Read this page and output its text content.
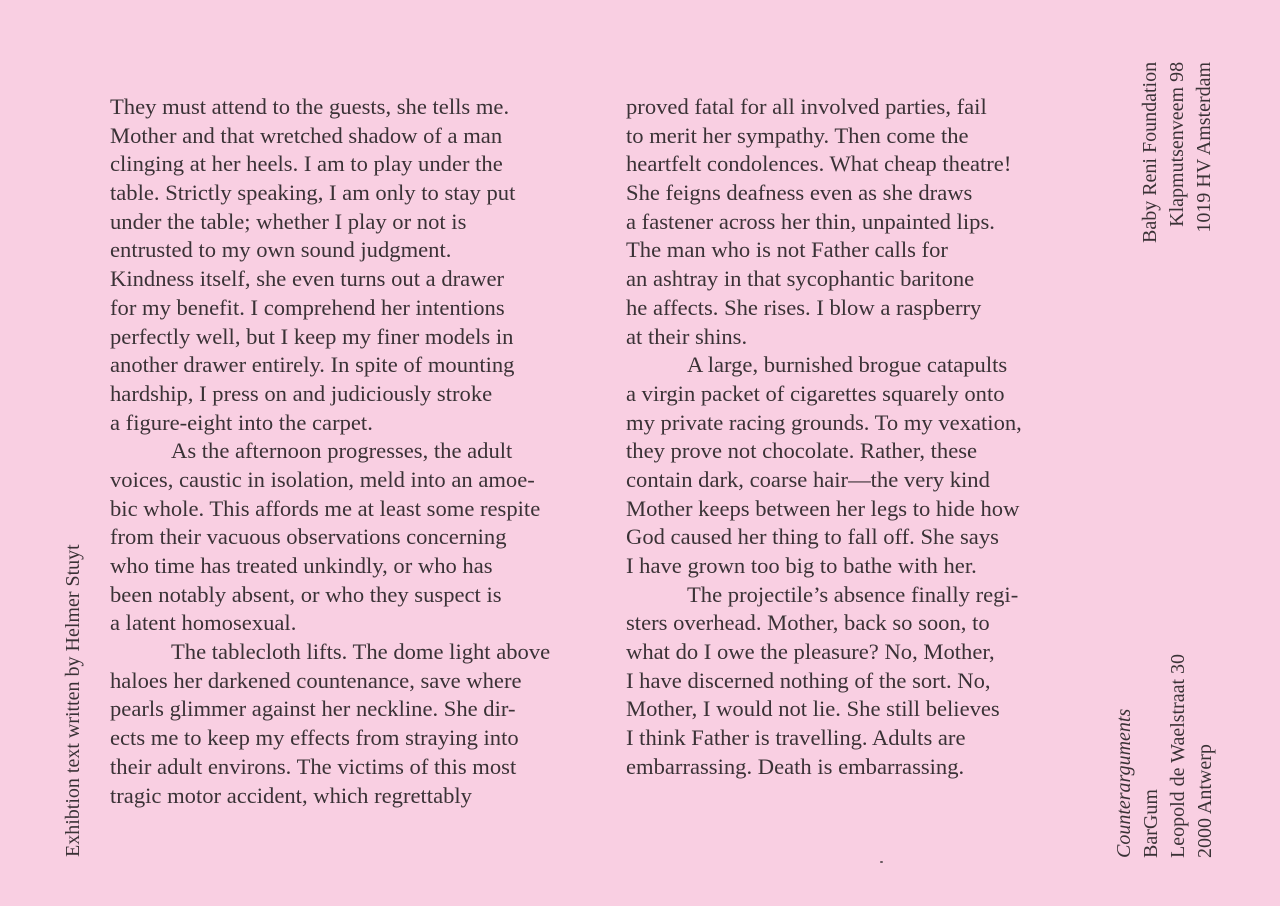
They must attend to the guests, she tells me.
Mother and that wretched shadow of a man
clinging at her heels. I am to play under the
table. Strictly speaking, I am only to stay put
under the table; whether I play or not is
entrusted to my own sound judgment.
Kindness itself, she even turns out a drawer
for my benefit. I comprehend her intentions
perfectly well, but I keep my finer models in
another drawer entirely. In spite of mounting
hardship, I press on and judiciously stroke
a figure-eight into the carpet.
As the afternoon progresses, the adult
voices, caustic in isolation, meld into an amoe-
bic whole. This affords me at least some respite
from their vacuous observations concerning
who time has treated unkindly, or who has
been notably absent, or who they suspect is
a latent homosexual.
The tablecloth lifts. The dome light above
haloes her darkened countenance, save where
pearls glimmer against her neckline. She dir-
ects me to keep my effects from straying into
their adult environs. The victims of this most
tragic motor accident, which regrettably
proved fatal for all involved parties, fail
to merit her sympathy. Then come the
heartfelt condolences. What cheap theatre!
She feigns deafness even as she draws
a fastener across her thin, unpainted lips.
The man who is not Father calls for
an ashtray in that sycophantic baritone
he affects. She rises. I blow a raspberry
at their shins.
A large, burnished brogue catapults
a virgin packet of cigarettes squarely onto
my private racing grounds. To my vexation,
they prove not chocolate. Rather, these
contain dark, coarse hair—the very kind
Mother keeps between her legs to hide how
God caused her thing to fall off. She says
I have grown too big to bathe with her.
The projectile’s absence finally regi-
sters overhead. Mother, back so soon, to
what do I owe the pleasure? No, Mother,
I have discerned nothing of the sort. No,
Mother, I would not lie. She still believes
I think Father is travelling. Adults are
embarrassing. Death is embarrassing.
Exhibtion text written by Helmer Stuyt
Baby Reni Foundation Klapmutsenveem 98 1019 HV Amsterdam
Counterarguments BarGum Leopold de Waelstraat 30 2000 Antwerp
